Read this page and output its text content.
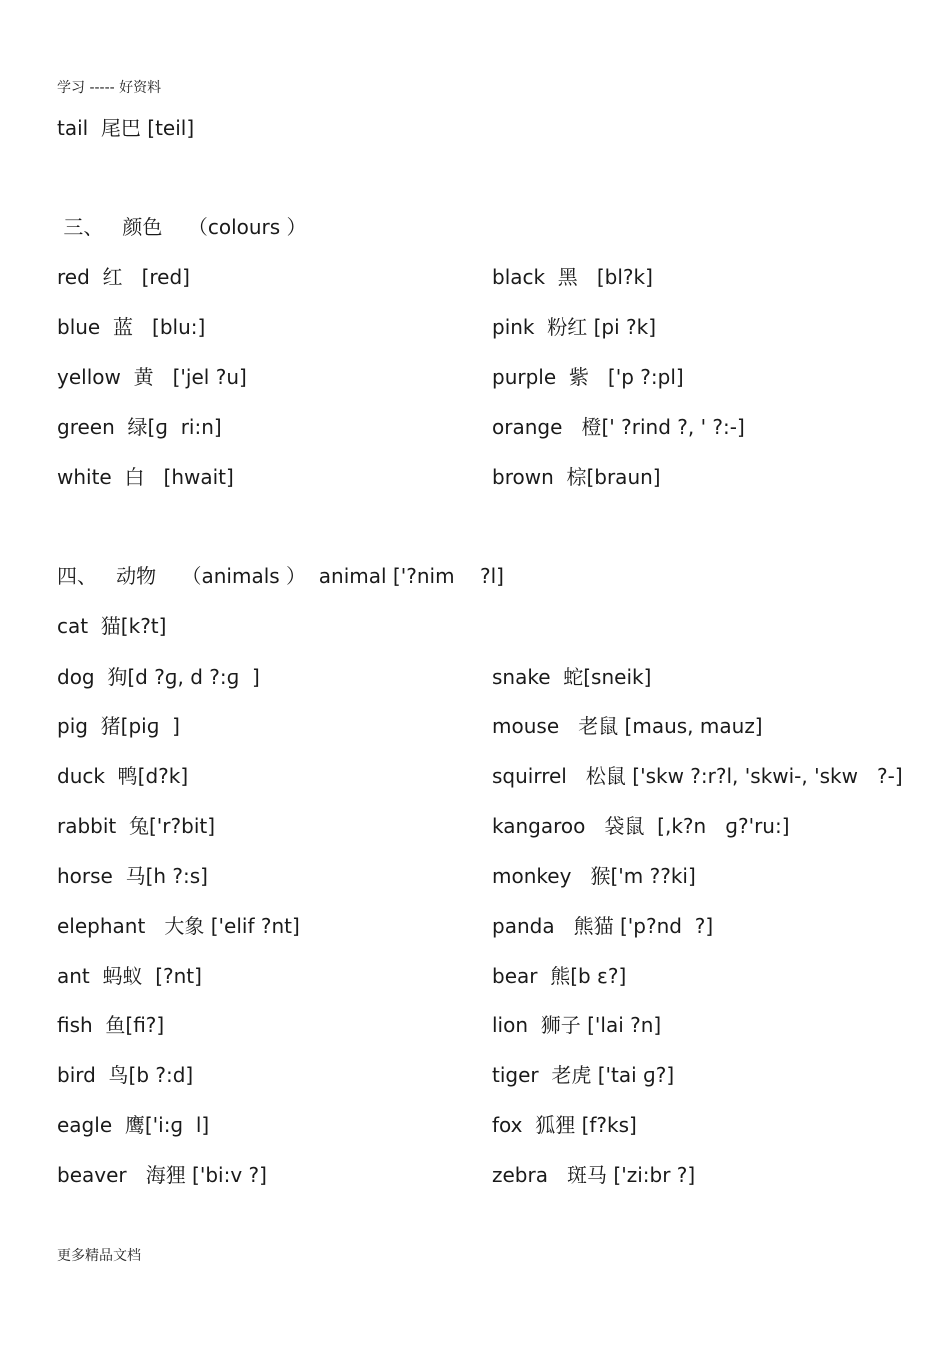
学习 ----- 好资料
tail  尾巴 [teil]
三、   颜色    （colours ）
red  红   [red]	black  黑   [bl?k]
blue  蓝   [blu:]	pink  粉红 [pi ?k]
yellow  黄   ['jel ?u]	purple  紫   ['p ?:pl]
green  绿[ɡ  ri:n]	orange   橙[' ?rind ?, ' ?:-]
white  白   [hwait]	brown  棕[braun]
四、   动物    （animals ）  animal ['?nim    ?l]
cat  猫[k?t]
dog  狗[d ?ɡ, d ?:ɡ  ]	snake  蛇[sneik]
pig  猪[piɡ  ]	mouse   老鼠 [maus, mauz]
duck  鸭[d?k]	squirrel   松鼠 ['skw ?:r?l, 'skwi-, 'skw   ?-]
rabbit  兔['r?bit]	kangaroo   袋鼠  [,k?n   ɡ?'ru:]
horse  马[h ?:s]	monkey   猴['m ??ki]
elephant   大象 ['elif ?nt]	panda   熊猫 ['p?nd  ?]
ant  蚂蚁  [?nt]	bear  熊[b ε?]
fish  鱼[fi?]	lion  狮子 ['lai ?n]
bird  鸟[b ?:d]	tiger  老虎 ['tai ɡ?]
eagle  鹰['i:ɡ  l]	fox  狐狸 [f?ks]
beaver   海狸 ['bi:v ?]	zebra   斑马 ['zi:br ?]
更多精品文档
